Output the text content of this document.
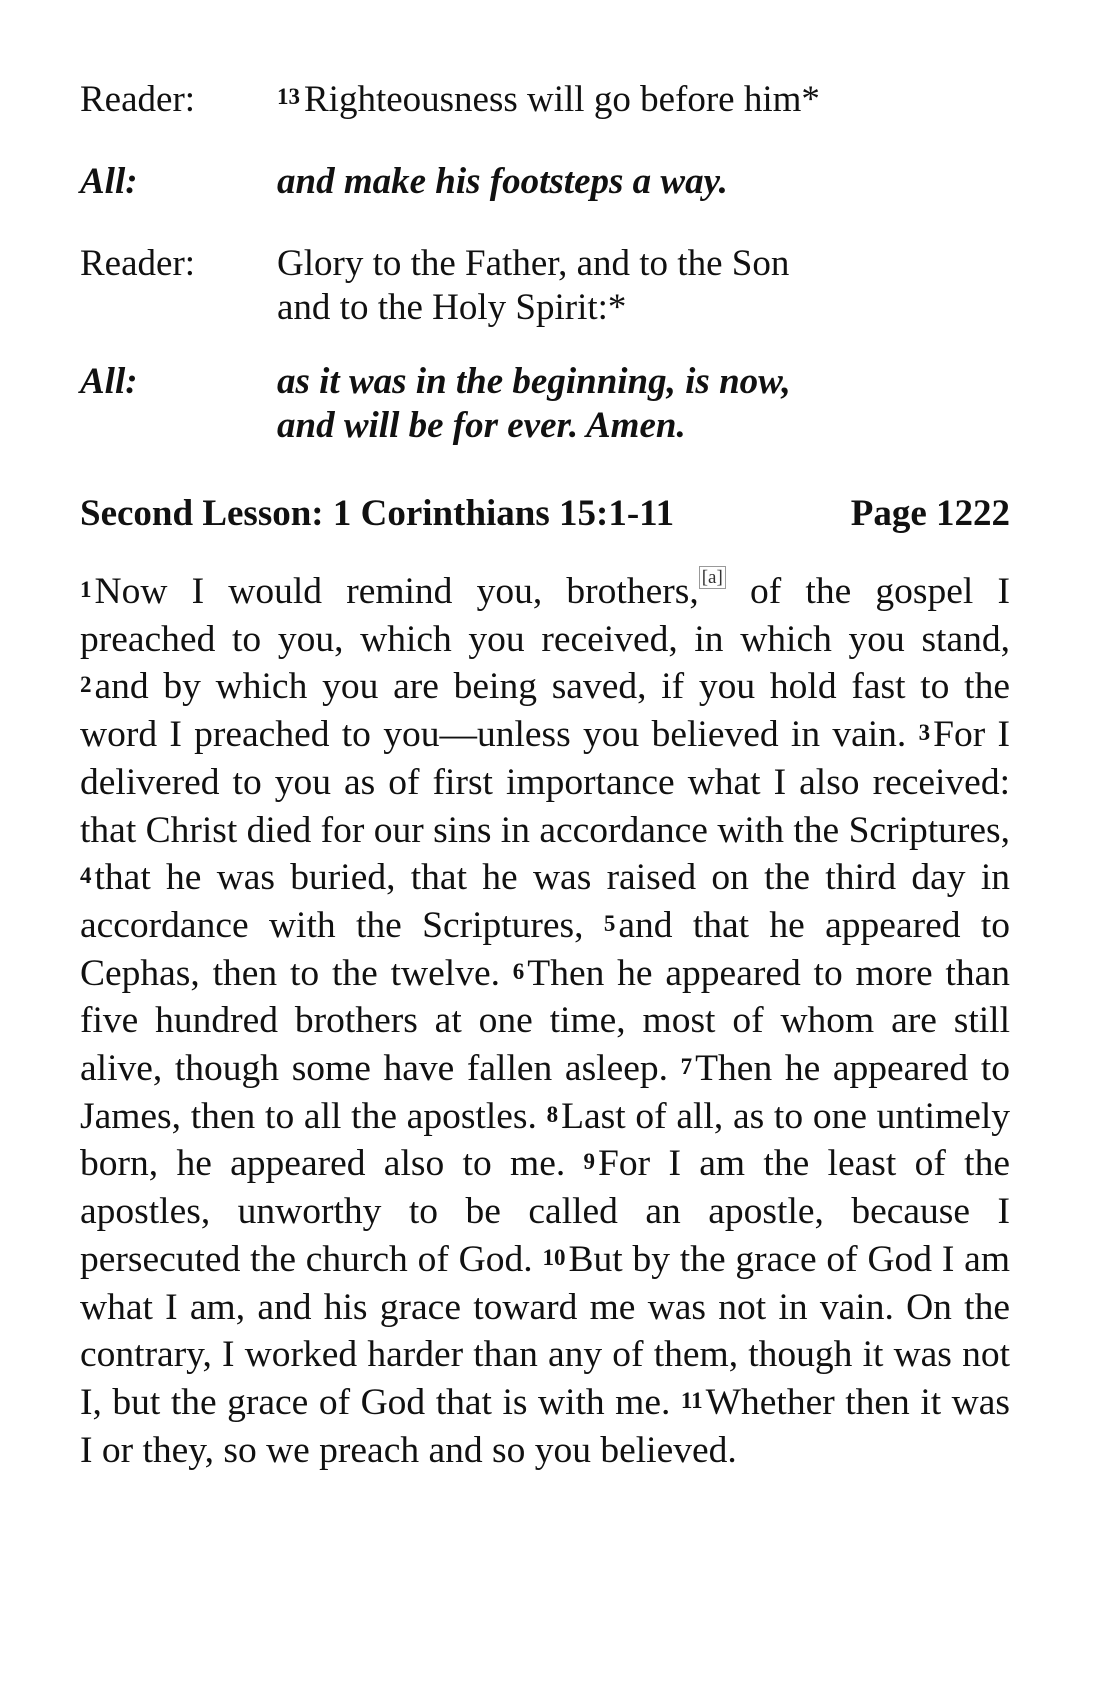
Reader:	$^{13}$ Righteousness will go before him*
All:	and make his footsteps a way.
Reader:	Glory to the Father, and to the Son
and to the Holy Spirit:*
All:	as it was in the beginning, is now,
and will be for ever. Amen.
Second Lesson: 1 Corinthians 15:1-11	Page 1222
$^1$Now I would remind you, brothers, [a] of the gospel I preached to you, which you received, in which you stand, $^2$and by which you are being saved, if you hold fast to the word I preached to you—unless you believed in vain. $^3$For I delivered to you as of first importance what I also received: that Christ died for our sins in accordance with the Scriptures, $^4$that he was buried, that he was raised on the third day in accordance with the Scriptures, $^5$and that he appeared to Cephas, then to the twelve. $^6$Then he appeared to more than five hundred brothers at one time, most of whom are still alive, though some have fallen asleep. $^7$Then he appeared to James, then to all the apostles. $^8$Last of all, as to one untimely born, he appeared also to me. $^9$For I am the least of the apostles, unworthy to be called an apostle, because I persecuted the church of God. $^{10}$But by the grace of God I am what I am, and his grace toward me was not in vain. On the contrary, I worked harder than any of them, though it was not I, but the grace of God that is with me. $^{11}$Whether then it was I or they, so we preach and so you believed.
